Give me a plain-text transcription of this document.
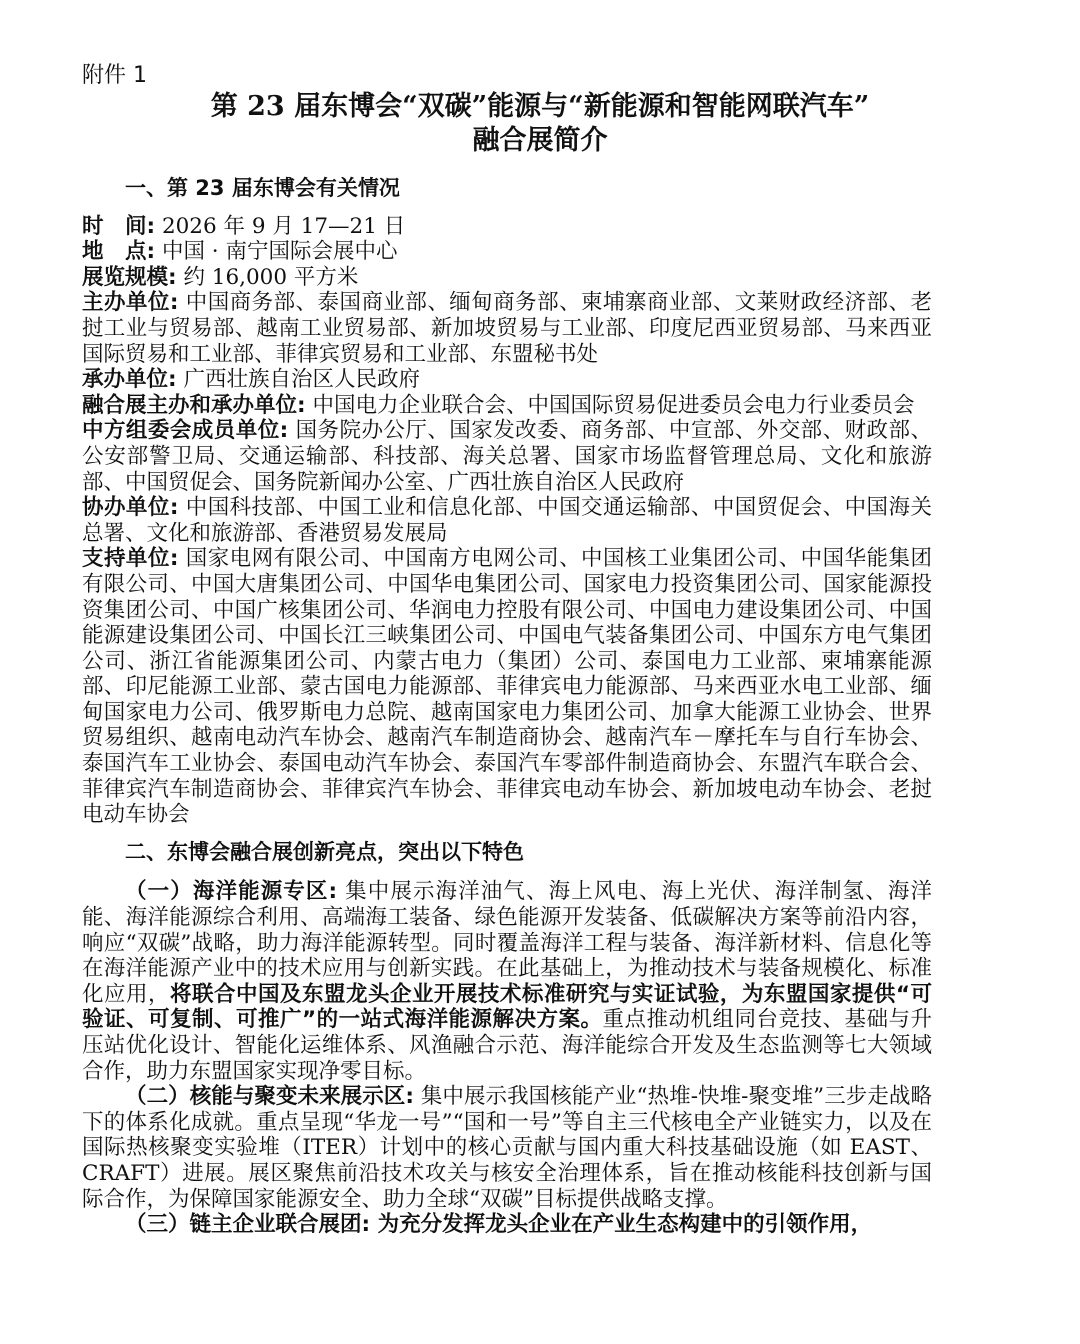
附件 1
第 23 届东博会“双碳”能源与“新能源和智能网联汽车”
融合展简介

一、第 23 届东博会有关情况

时 间: 2026 年 9 月 17—21 日

地 点: 中国 · 南宁国际会展中心

展览规模: 约 16,000 平方米

主办单位: 中国商务部、泰国商业部、缅甸商务部、柬埔寨商业部、文莱财政经济部、老挝工业与贸易部、越南工业贸易部、新加坡贸易与工业部、印度尼西亚贸易部、马来西亚国际贸易和工业部、菲律宾贸易和工业部、东盟秘书处

承办单位: 广西壮族自治区人民政府

融合展主办和承办单位: 中国电力企业联合会、中国国际贸易促进委员会电力行业委员会

中方组委会成员单位: 国务院办公厅、国家发改委、商务部、中宣部、外交部、财政部、公安部警卫局、交通运输部、科技部、海关总署、国家市场监督管理总局、文化和旅游部、中国贸促会、国务院新闻办公室、广西壮族自治区人民政府

协办单位: 中国科技部、中国工业和信息化部、中国交通运输部、中国贸促会、中国海关总署、文化和旅游部、香港贸易发展局

支持单位: 国家电网有限公司、中国南方电网公司、中国核工业集团公司、中国华能集团有限公司、中国大唐集团公司、中国华电集团公司、国家电力投资集团公司、国家能源投资集团公司、中国广核集团公司、华润电力控股有限公司、中国电力建设集团公司、中国能源建设集团公司、中国长江三峡集团公司、中国电气装备集团公司、中国东方电气集团公司、浙江省能源集团公司、内蒙古电力（集团）公司、泰国电力工业部、柬埔寨能源部、印尼能源工业部、蒙古国电力能源部、菲律宾电力能源部、马来西亚水电工业部、缅甸国家电力公司、俄罗斯电力总院、越南国家电力集团公司、加拿大能源工业协会、世界贸易组织、越南电动汽车协会、越南汽车制造商协会、越南汽车－摩托车与自行车协会、泰国汽车工业协会、泰国电动汽车协会、泰国汽车零部件制造商协会、东盟汽车联合会、菲律宾汽车制造商协会、菲律宾汽车协会、菲律宾电动车协会、新加坡电动车协会、老挝电动车协会

二、东博会融合展创新亮点，突出以下特色

（一）海洋能源专区: 集中展示海洋油气、海上风电、海上光伏、海洋制氢、海洋能、海洋能源综合利用、高端海工装备、绿色能源开发装备、低碳解决方案等前沿内容，响应“双碳”战略，助力海洋能源转型。同时覆盖海洋工程与装备、海洋新材料、信息化等在海洋能源产业中的技术应用与创新实践。在此基础上，为推动技术与装备规模化、标准化应用，将联合中国及东盟龙头企业开展技术标准研究与实证试验，为东盟国家提供“可验证、可复制、可推广”的一站式海洋能源解决方案。重点推动机组同台竞技、基础与升压站优化设计、智能化运维体系、风渔融合示范、海洋能综合开发及生态监测等七大领域合作，助力东盟国家实现净零目标。

（二）核能与聚变未来展示区: 集中展示我国核能产业“热堆-快堆-聚变堆”三步走战略下的体系化成就。重点呈现“华龙一号”“国和一号”等自主三代核电全产业链实力，以及在国际热核聚变实验堆（ITER）计划中的核心贡献与国内重大科技基础设施（如 EAST、CRAFT）进展。展区聚焦前沿技术攻关与核安全治理体系，旨在推动核能科技创新与国际合作，为保障国家能源安全、助力全球“双碳”目标提供战略支撑。

（三）链主企业联合展团: 为充分发挥龙头企业在产业生态构建中的引领作用，
